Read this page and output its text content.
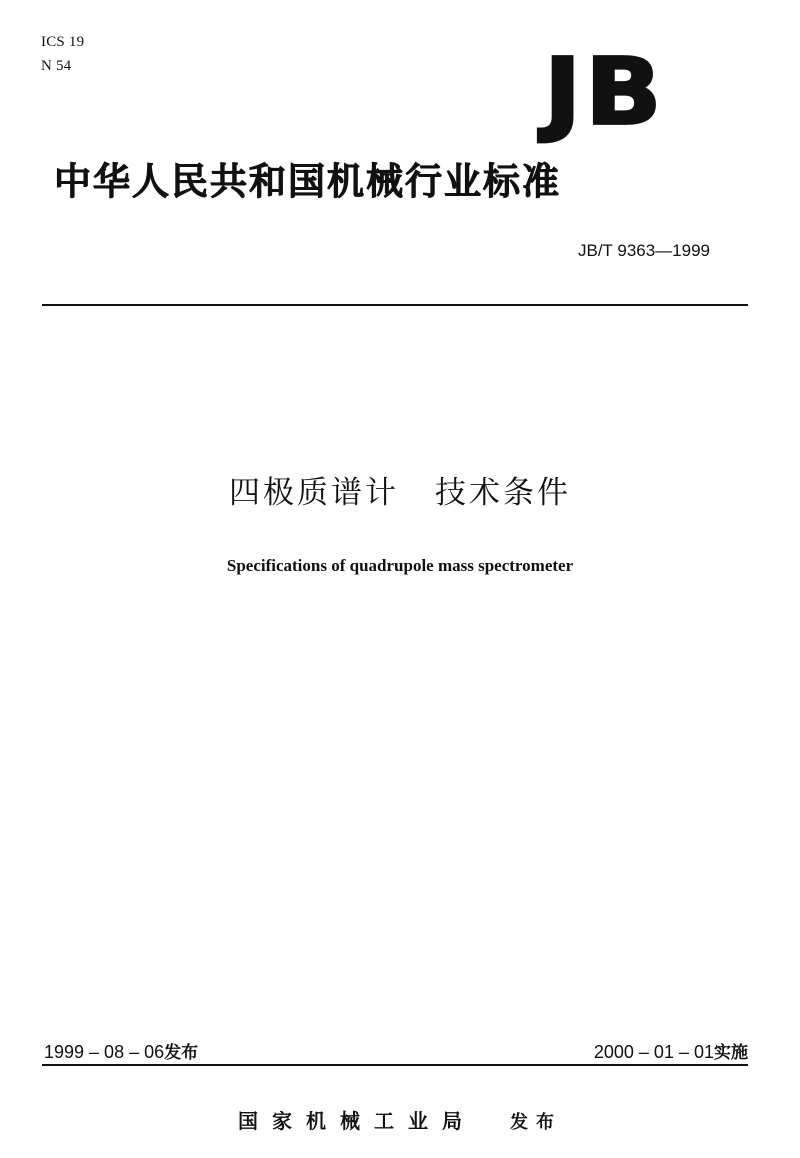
ICS 19
N 54	JB
中华人民共和国机械行业标准
JB/T 9363—1999
四极质谱计 技术条件
Specifications of quadrupole mass spectrometer
1999 – 08 – 06发布	2000 – 01 – 01实施
国家机械工业局 发布
